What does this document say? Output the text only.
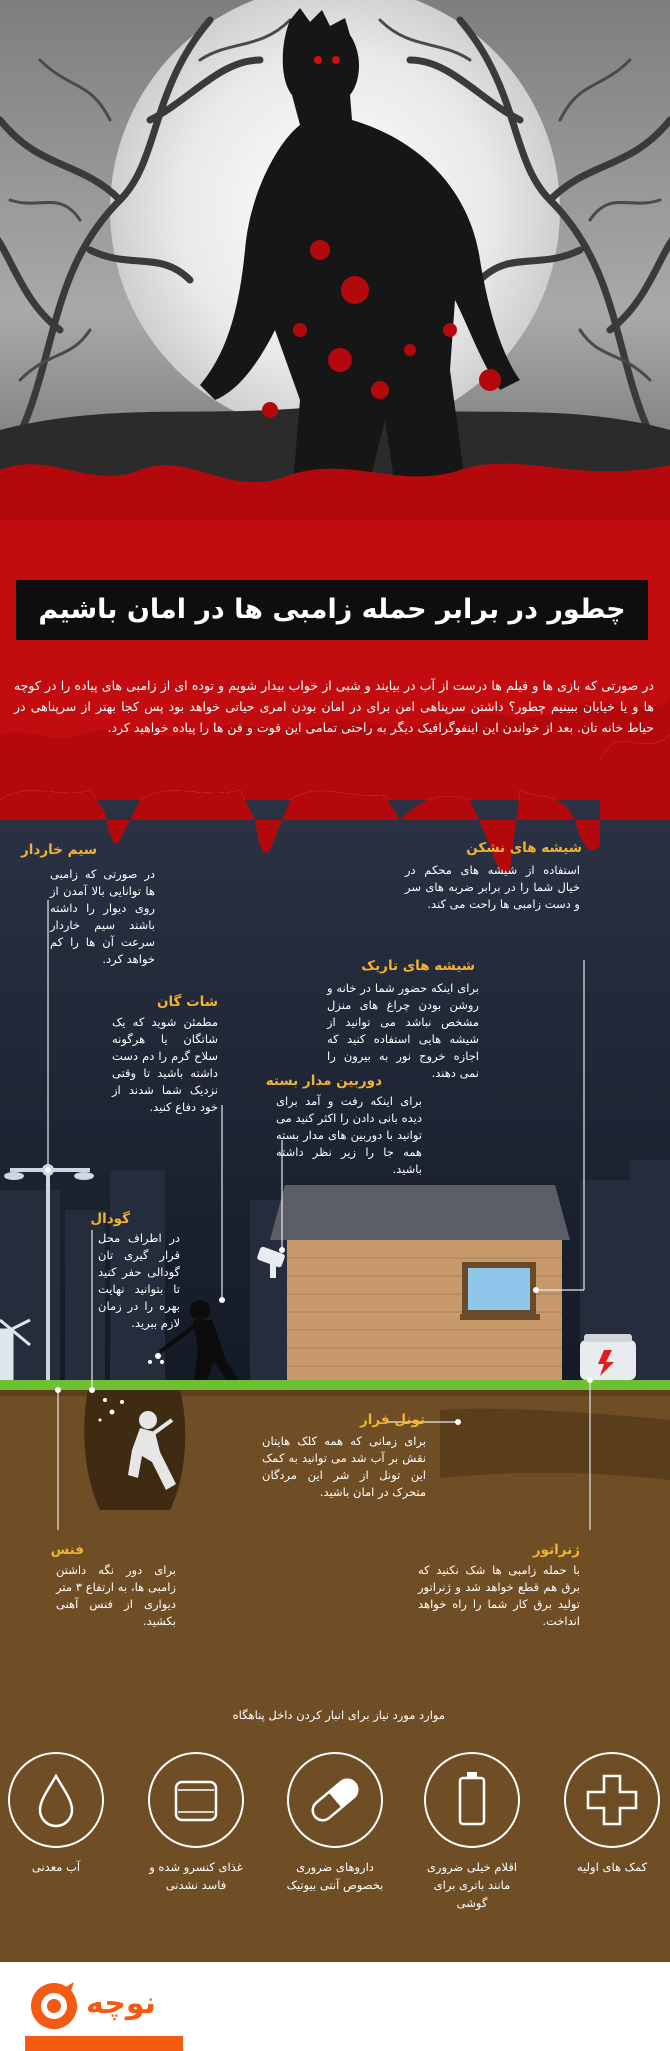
چطور در برابر حمله زامبی ها در امان باشیم
در صورتی که بازی ها و فیلم ها درست از آب در بیایند و شبی از خواب بیدار شویم و توده ای از زامبی های پیاده را در کوچه ها و یا خیابان ببینیم چطور؟ داشتن سرپناهی امن برای در امان بودن امری حیاتی خواهد بود پس کجا بهتر از سرپناهی در حیاط خانه تان. بعد از خواندن این اینفوگرافیک دیگر به راحتی تمامی این فوت و فن ها را پیاده خواهید کرد.
سیم خاردار
در صورتی که زامبی ها توانایی بالا آمدن از روی دیوار را داشته باشند سیم خاردار سرعت آن ها را کم خواهد کرد.
شیشه های نشکن
استفاده از شیشه های محکم در خیال شما را در برابر ضربه های سر و دست زامبی ها راحت می کند.
شیشه های تاریک
برای اینکه حضور شما در خانه و روشن بودن چراغ های منزل مشخص نباشد می توانید از شیشه هایی استفاده کنید که اجازه خروج نور به بیرون را نمی دهند.
شات گان
مطمئن شوید که یک شاتگان یا هرگونه سلاح گرم را دم دست داشته باشید تا وقتی نزدیک شما شدند از خود دفاع کنید.
دوربین مدار بسته
برای اینکه رفت و آمد برای دیده بانی دادن را اکثر کنید می توانید با دوربین های مدار بسته همه جا را زیر نظر داشته باشید.
گودال
در اطراف محل قرار گیری تان گودالی حفر کنید تا بتوانید نهایت بهره را در زمان لازم ببرید.
تونل فرار
برای زمانی که همه کلک هایتان نقش بر آب شد می توانید به کمک این تونل از شر این مردگان متحرک در امان باشید.
ژنراتور
با حمله زامبی ها شک نکنید که برق هم قطع خواهد شد و ژنراتور تولید برق کار شما را راه خواهد انداخت.
فنس
برای دور نگه داشتن زامبی ها، به ارتفاع ۳ متر دیواری از فنس آهنی بکشید.
موارد مورد نیاز برای انبار کردن داخل پناهگاه
کمک های اولیه
اقلام خیلی ضروری مانند باتری برای گوشی
داروهای ضروری بخصوص آنتی بیوتیک
غذای کنسرو شده و فاسد نشدنی
آب معدنی
نوچه
